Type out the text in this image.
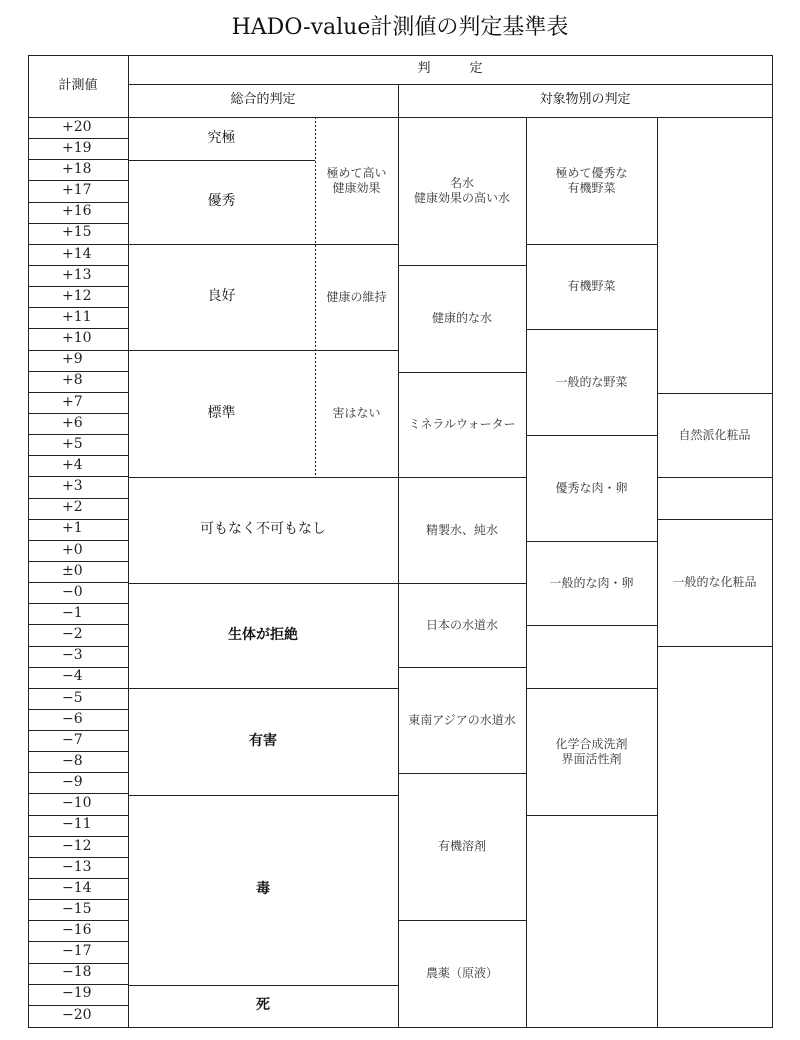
HADO-value計測値の判定基準表
計測値
判　　　定
総合的判定	対象物別の判定
+20
+19
+18
+17
+16
+15
+14
+13
+12
+11
+10
+9
+8
+7
+6
+5
+4
+3
+2
+1
+0
±0
−0
−1
−2
−3
−4
−5
−6
−7
−8
−9
−10
−11
−12
−13
−14
−15
−16
−17
−18
−19
−20
究極
優秀
良好
標準
可もなく不可もなし
生体が拒絶
有害
毒
死
極めて高い
健康効果
健康の維持
害はない
名水
健康効果の高い水
健康的な水
ミネラルウォーター
精製水、純水
日本の水道水
東南アジアの水道水
有機溶剤
農薬（原液）
極めて優秀な
有機野菜
有機野菜
一般的な野菜
優秀な肉・卵
一般的な肉・卵
化学合成洗剤
界面活性剤
自然派化粧品
一般的な化粧品
